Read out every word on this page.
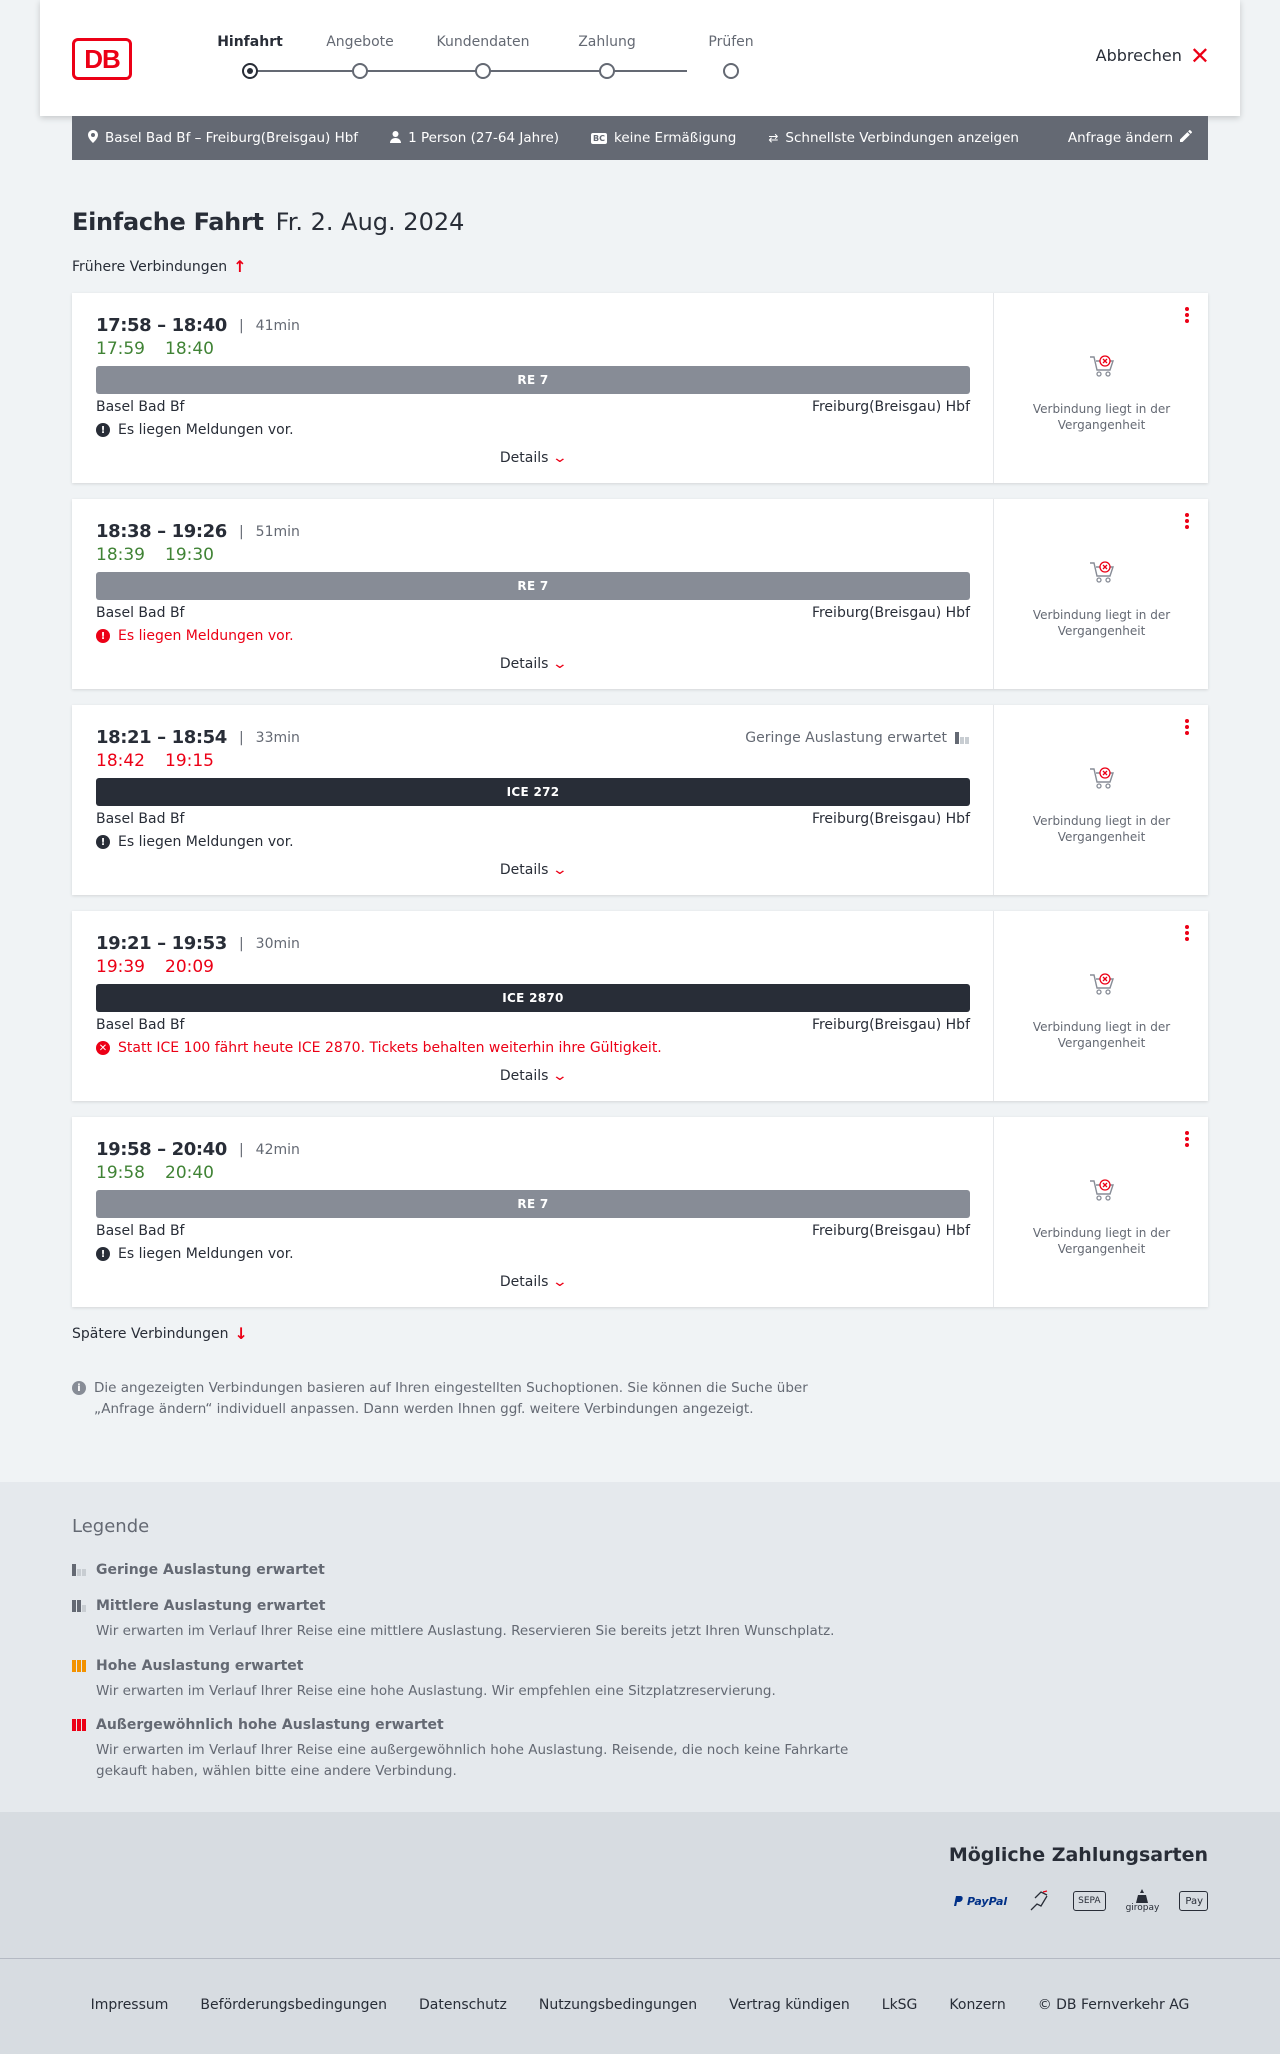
DB
Hinfahrt	Angebote	Kundendaten	Zahlung	Prüfen
Abbrechen ✕
Basel Bad Bf – Freiburg(Breisgau) Hbf	1 Person (27-64 Jahre)	BC keine Ermäßigung	⇄ Schnellste Verbindungen anzeigen	Anfrage ändern
Einfache Fahrt Fr. 2. Aug. 2024
Frühere Verbindungen ↑
17:58 – 18:40 | 41min
17:59 18:40
RE 7
Basel Bad Bf	Freiburg(Breisgau) Hbf
! Es liegen Meldungen vor.
Details ⌄
Verbindung liegt in der Vergangenheit
18:38 – 19:26 | 51min
18:39 19:30
RE 7
Basel Bad Bf	Freiburg(Breisgau) Hbf
! Es liegen Meldungen vor.
Details ⌄
Verbindung liegt in der Vergangenheit
18:21 – 18:54 | 33min
18:42 19:15
Geringe Auslastung erwartet
ICE 272
Basel Bad Bf	Freiburg(Breisgau) Hbf
! Es liegen Meldungen vor.
Details ⌄
Verbindung liegt in der Vergangenheit
19:21 – 19:53 | 30min
19:39 20:09
ICE 2870
Basel Bad Bf	Freiburg(Breisgau) Hbf
✕ Statt ICE 100 fährt heute ICE 2870. Tickets behalten weiterhin ihre Gültigkeit.
Details ⌄
Verbindung liegt in der Vergangenheit
19:58 – 20:40 | 42min
19:58 20:40
RE 7
Basel Bad Bf	Freiburg(Breisgau) Hbf
! Es liegen Meldungen vor.
Details ⌄
Verbindung liegt in der Vergangenheit
Spätere Verbindungen ↓
i Die angezeigten Verbindungen basieren auf Ihren eingestellten Suchoptionen. Sie können die Suche über „Anfrage ändern“ individuell anpassen. Dann werden Ihnen ggf. weitere Verbindungen angezeigt.
Legende
Geringe Auslastung erwartet
Mittlere Auslastung erwartet
Wir erwarten im Verlauf Ihrer Reise eine mittlere Auslastung. Reservieren Sie bereits jetzt Ihren Wunschplatz.
Hohe Auslastung erwartet
Wir erwarten im Verlauf Ihrer Reise eine hohe Auslastung. Wir empfehlen eine Sitzplatzreservierung.
Außergewöhnlich hohe Auslastung erwartet
Wir erwarten im Verlauf Ihrer Reise eine außergewöhnlich hohe Auslastung. Reisende, die noch keine Fahrkarte gekauft haben, wählen bitte eine andere Verbindung.
Mögliche Zahlungsarten
PayPal	SEPA
giropay
Pay
Impressum Beförderungsbedingungen Datenschutz Nutzungsbedingungen Vertrag kündigen LkSG Konzern © DB Fernverkehr AG
